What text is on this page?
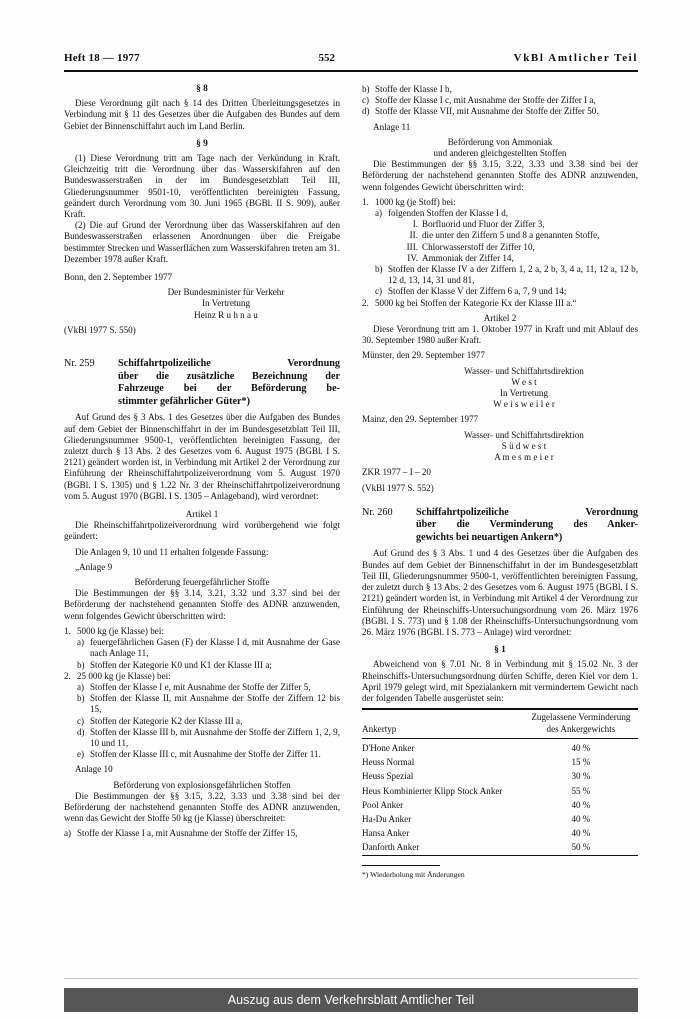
Heft 18 — 1977	552	VkBl Amtlicher Teil
§ 8
Diese Verordnung gilt nach § 14 des Dritten Überleitungsgesetzes in Verbindung mit § 11 des Gesetzes über die Aufgaben des Bundes auf dem Gebiet der Binnenschiffahrt auch im Land Berlin.
§ 9
(1) Diese Verordnung tritt am Tage nach der Verkündung in Kraft. Gleichzeitig tritt die Verordnung über das Wasserskifahren auf den Bundeswasserstraßen in der im Bundesgesetzblatt Teil III, Gliederungsnummer 9501-10, veröffentlichten bereinigten Fassung, geändert durch Verordnung vom 30. Juni 1965 (BGBl. II S. 909), außer Kraft.
(2) Die auf Grund der Verordnung über das Wasserskifahren auf den Bundeswasserstraßen erlassenen Anordnungen über die Freigabe bestimmter Strecken und Wasserflächen zum Wasserskifahren treten am 31. Dezember 1978 außer Kraft.
Bonn, den 2. September 1977
Der Bundesminister für Verkehr
In Vertretung
Heinz R u h n a u
(VkBl 1977 S. 550)
Nr. 259	Schiffahrtpolizeiliche Verordnung
über die zusätzliche Bezeichnung der
Fahrzeuge bei der Beförderung be-
stimmter gefährlicher Güter*)
Auf Grund des § 3 Abs. 1 des Gesetzes über die Aufgaben des Bundes auf dem Gebiet der Binnenschiffahrt in der im Bundesgesetzblatt Teil III, Gliederungsnummer 9500-1, veröffentlichten bereinigten Fassung, der zuletzt durch § 13 Abs. 2 des Gesetzes vom 6. August 1975 (BGBl. I S. 2121) geändert worden ist, in Verbindung mit Artikel 2 der Verordnung zur Einführung der Rheinschiffahrtpolizeiverordnung vom 5. August 1970 (BGBl. I S. 1305) und § 1.22 Nr. 3 der Rheinschiffahrtpolizeiverordnung vom 5. August 1970 (BGBl. I S. 1305 – Anlageband), wird verordnet:
Artikel 1
Die Rheinschiffahrtpolizeiverordnung wird vorübergehend wie folgt geändert:
Die Anlagen 9, 10 und 11 erhalten folgende Fassung:
„Anlage 9
Beförderung feuergefährlicher Stoffe
Die Bestimmungen der §§ 3.14, 3.21, 3.32 und 3.37 sind bei der Beförderung der nachstehend genannten Stoffe des ADNR anzuwenden, wenn folgendes Gewicht überschritten wird:
1. 5000 kg (je Klasse) bei:
a) feuergefährlichen Gasen (F) der Klasse I d, mit Ausnahme der Gase nach Anlage 11,
b) Stoffen der Kategorie K0 und K1 der Klasse III a;
2. 25 000 kg (je Klasse) bei:
a) Stoffen der Klasse I e, mit Ausnahme der Stoffe der Ziffer 5,
b) Stoffen der Klasse II, mit Ausnahme der Stoffe der Ziffern 12 bis 15,
c) Stoffen der Kategorie K2 der Klasse III a,
d) Stoffen der Klasse III b, mit Ausnahme der Stoffe der Ziffern 1, 2, 9, 10 und 11,
e) Stoffen der Klasse III c, mit Ausnahme der Stoffe der Ziffer 11.
Anlage 10
Beförderung von explosionsgefährlichen Stoffen
Die Bestimmungen der §§ 3.15, 3.22, 3.33 und 3.38 sind bei der Beförderung der nachstehend genannten Stoffe des ADNR anzuwenden, wenn das Gewicht der Stoffe 50 kg (je Klasse) überschreitet:
a) Stoffe der Klasse I a, mit Ausnahme der Stoffe der Ziffer 15,
b) Stoffe der Klasse I b,
c) Stoffe der Klasse I c, mit Ausnahme der Stoffe der Ziffer I a,
d) Stoffe der Klasse VII, mit Ausnahme der Stoffe der Ziffer 50.
Anlage 11
Beförderung von Ammoniak
und anderen gleichgestellten Stoffen
Die Bestimmungen der §§ 3.15, 3.22, 3.33 und 3.38 sind bei der Beförderung der nachstehend genannten Stoffe des ADNR anzuwenden, wenn folgendes Gewicht überschritten wird:
1. 1000 kg (je Stoff) bei:
a) folgenden Stoffen der Klasse I d,
I. Borfluorid und Fluor der Ziffer 3,
II. die unter den Ziffern 5 und 8 a genannten Stoffe,
III. Chlorwasserstoff der Ziffer 10,
IV. Ammoniak der Ziffer 14,
b) Stoffen der Klasse IV a der Ziffern 1, 2 a, 2 b, 3, 4 a, 11, 12 a, 12 b, 12 d, 13, 14, 31 und 81,
c) Stoffen der Klasse V der Ziffern 6 a, 7, 9 und 14;
2. 5000 kg bei Stoffen der Kategorie Kx der Klasse III a.“
Artikel 2
Diese Verordnung tritt am 1. Oktober 1977 in Kraft und mit Ablauf des 30. September 1980 außer Kraft.
Münster, den 29. September 1977
Wasser- und Schiffahrtsdirektion
W e s t
In Vertretung
W e i s w e i l e r
Mainz, den 29. September 1977
Wasser- und Schiffahrtsdirektion
S ü d w e s t
A m e s m e i e r
ZKR 1977 – I – 20
(VkBl 1977 S. 552)
Nr. 260	Schiffahrtpolizeiliche Verordnung
über die Verminderung des Anker-
gewichts bei neuartigen Ankern*)
Auf Grund des § 3 Abs. 1 und 4 des Gesetzes über die Aufgaben des Bundes auf dem Gebiet der Binnenschiffahrt in der im Bundesgesetzblatt Teil III, Gliederungsnummer 9500-1, veröffentlichten bereinigten Fassung, der zuletzt durch § 13 Abs. 2 des Gesetzes vom 6. August 1975 (BGBl. I S. 2121) geändert worden ist, in Verbindung mit Artikel 4 der Verordnung zur Einführung der Rheinschiffs-Untersuchungsordnung vom 26. März 1976 (BGBl. I S. 773) und § 1.08 der Rheinschiffs-Untersuchungsordnung vom 26. März 1976 (BGBl. I S. 773 – Anlage) wird verordnet:
§ 1
Abweichend von § 7.01 Nr. 8 in Verbindung mit § 15.02 Nr. 3 der Rheinschiffs-Untersuchungsordnung dürfen Schiffe, deren Kiel vor dem 1. April 1979 gelegt wird, mit Spezialankern mit vermindertem Gewicht nach der folgenden Tabelle ausgerüstet sein:

Ankertyp	Zugelassene Verminderung
des Ankergewichts

D'Hone Anker	40 %
Heuss Normal	15 %
Heuss Spezial	30 %
Heus Kombinierter Klipp Stock Anker	55 %
Pool Anker	40 %
Ha-Du Anker	40 %
Hansa Anker	40 %
Danforth Anker	50 %

*) Wiederholung mit Änderungen
Auszug aus dem Verkehrsblatt Amtlicher Teil
